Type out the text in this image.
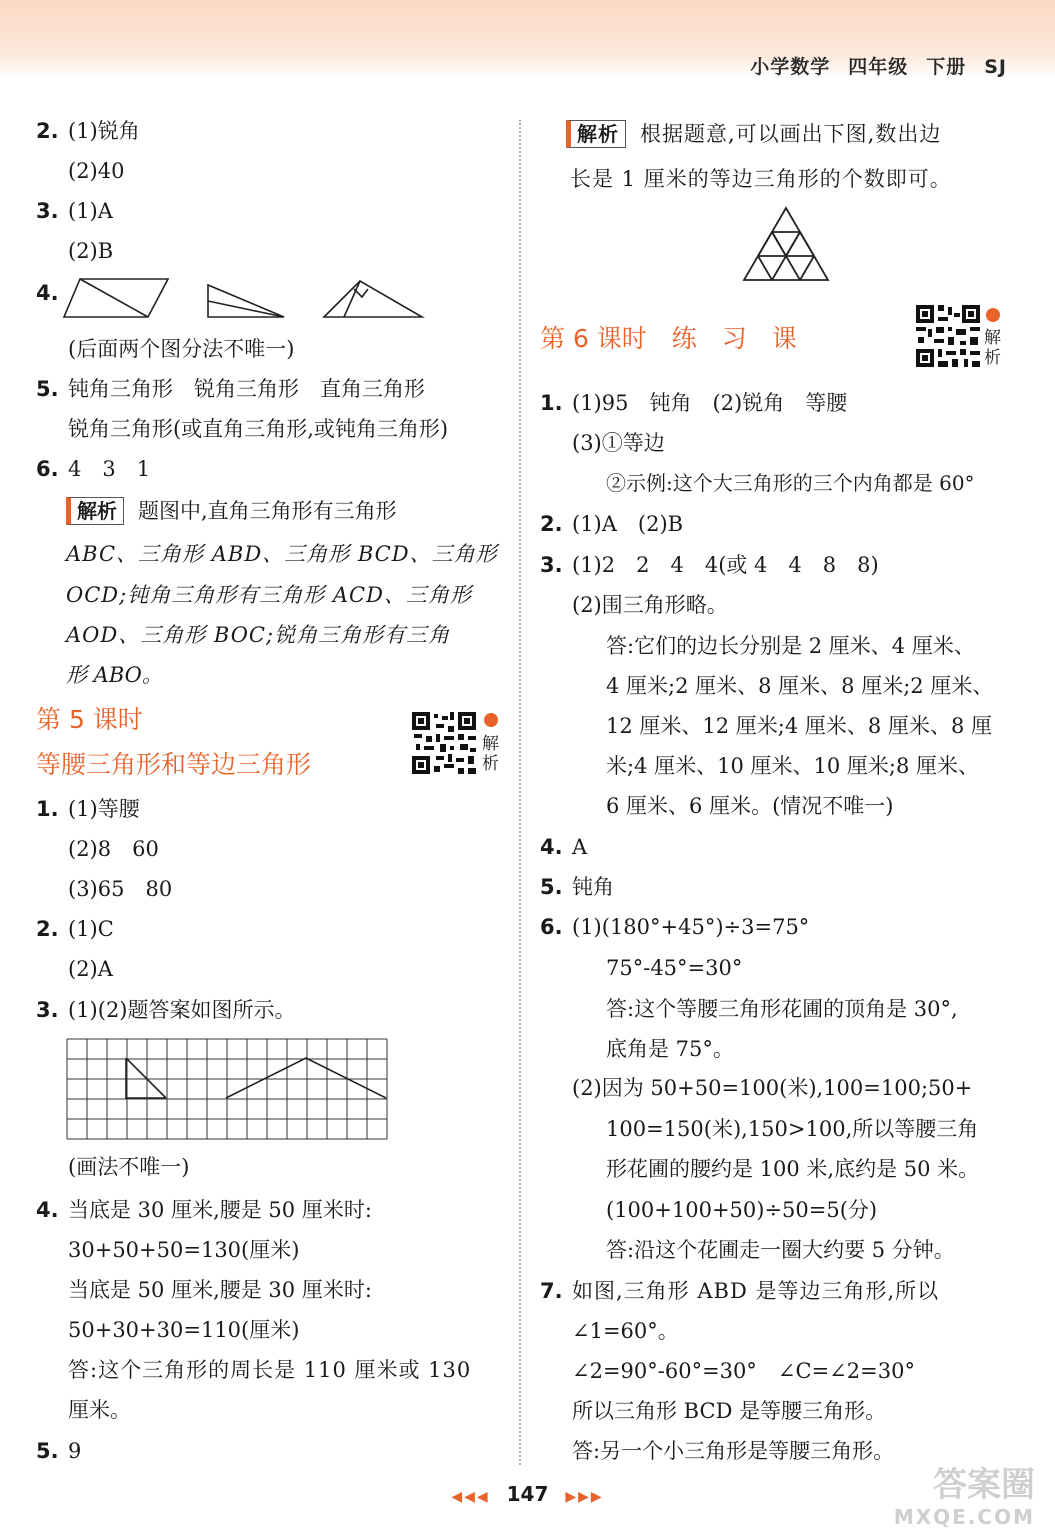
小学数学 四年级 下册 SJ
2. (1)锐角
(2)40
3. (1)A
(2)B
4.
(后面两个图分法不唯一)
5. 钝角三角形　锐角三角形　直角三角形
锐角三角形(或直角三角形,或钝角三角形)
6. 4　3　1
解析 题图中,直角三角形有三角形
ABC、三角形 ABD、三角形 BCD、三角形
OCD;钝角三角形有三角形 ACD、三角形
AOD、三角形 BOC;锐角三角形有三角
形 ABO。
第 5 课时
等腰三角形和等边三角形
解析
1. (1)等腰
(2)8　60
(3)65　80
2. (1)C
(2)A
3. (1)(2)题答案如图所示。
(画法不唯一)
4. 当底是 30 厘米,腰是 50 厘米时:
30+50+50=130(厘米)
当底是 50 厘米,腰是 30 厘米时:
50+30+30=110(厘米)
答:这个三角形的周长是 110 厘米或 130
厘米。
5. 9
解析 根据题意,可以画出下图,数出边
长是 1 厘米的等边三角形的个数即可。
第 6 课时　练　习　课	解析
1. (1)95　钝角　(2)锐角　等腰
(3)①等边
②示例:这个大三角形的三个内角都是 60°
2. (1)A　(2)B
3. (1)2　2　4　4(或 4　4　8　8)
(2)围三角形略。
答:它们的边长分别是 2 厘米、4 厘米、
4 厘米;2 厘米、8 厘米、8 厘米;2 厘米、
12 厘米、12 厘米;4 厘米、8 厘米、8 厘
米;4 厘米、10 厘米、10 厘米;8 厘米、
6 厘米、6 厘米。(情况不唯一)
4. A
5. 钝角
6. (1)(180°+45°)÷3=75°
75°-45°=30°
答:这个等腰三角形花圃的顶角是 30°,
底角是 75°。
(2)因为 50+50=100(米),100=100;50+
100=150(米),150>100,所以等腰三角
形花圃的腰约是 100 米,底约是 50 米。
(100+100+50)÷50=5(分)
答:沿这个花圃走一圈大约要 5 分钟。
7. 如图,三角形 ABD 是等边三角形,所以
∠1=60°。
∠2=90°-60°=30°　∠C=∠2=30°
所以三角形 BCD 是等腰三角形。
答:另一个小三角形是等腰三角形。
◀◀◀ 147 ▶▶▶	答案圈
MXQE.COM
